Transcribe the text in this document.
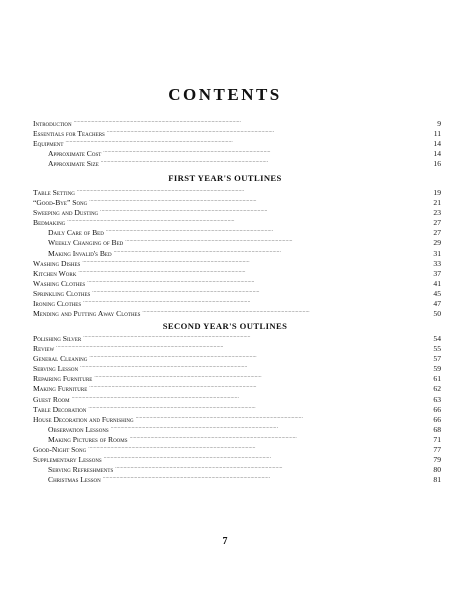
CONTENTS
Introduction . . .	9
Essentials for Teachers . . .	11
Equipment . . .	14
Approximate Cost . . .	14
Approximate Size . . .	16
FIRST YEAR'S OUTLINES
Table Setting . . .	19
“Good-Bye” Song . . .	21
Sweeping and Dusting . . .	23
Bedmaking . . .	27
Daily Care of Bed . . .	27
Weekly Changing of Bed . . .	29
Making Invalid's Bed . . .	31
Washing Dishes . . .	33
Kitchen Work . . .	37
Washing Clothes . . .	41
Sprinkling Clothes . . .	45
Ironing Clothes . . .	47
Mending and Putting Away Clothes . . .	50
SECOND YEAR'S OUTLINES
Polishing Silver . . .	54
Review . . .	55
General Cleaning . . .	57
Serving Lesson . . .	59
Repairing Furniture . . .	61
Making Furniture . . .	62
Guest Room . . .	63
Table Decoration . . .	66
House Decoration and Furnishing . . .	66
Observation Lessons . . .	68
Making Pictures of Rooms . . .	71
Good-Night Song . . .	77
Supplementary Lessons . . .	79
Serving Refreshments . . .	80
Christmas Lesson . . .	81

7
